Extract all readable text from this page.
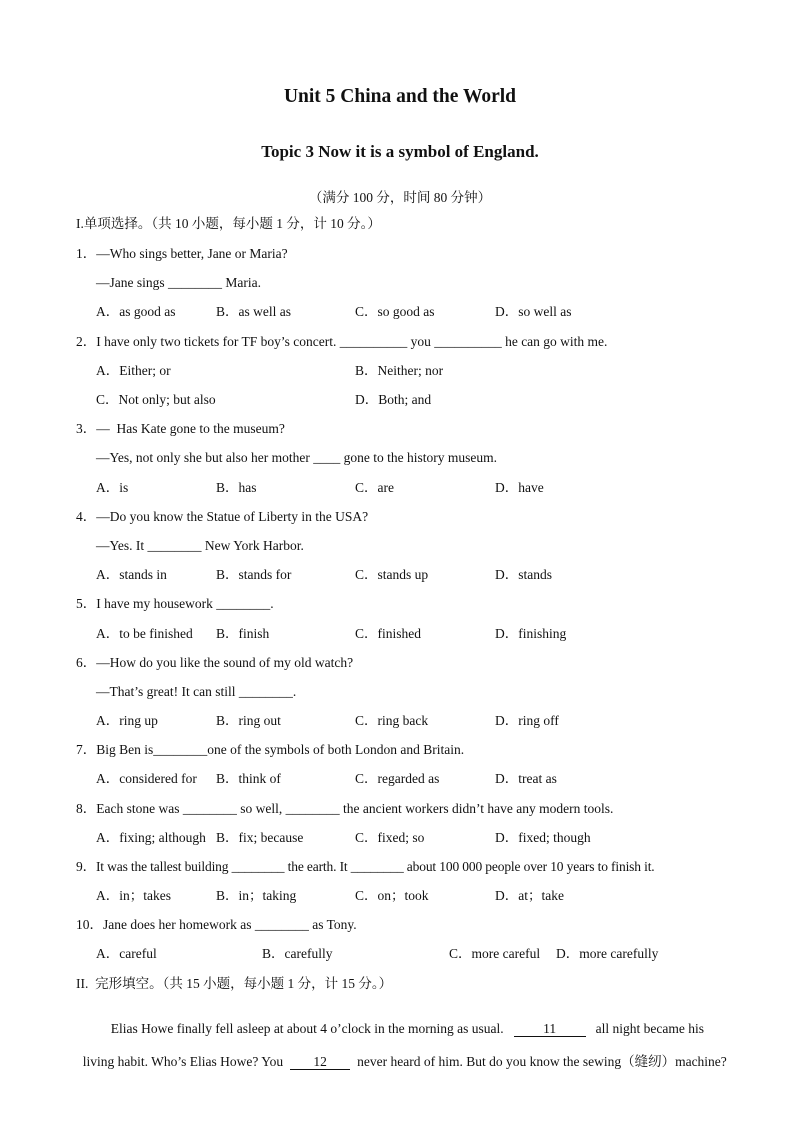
Unit 5 China and the World
Topic 3 Now it is a symbol of England.
（满分 100 分，时间 80 分钟）
I.单项选择。（共 10 小题，每小题 1 分，计 10 分。）
1．—Who sings better, Jane or Maria?
—Jane sings ________ Maria.
A．as good as	B．as well as	C．so good as	D．so well as
2．I have only two tickets for TF boy’s concert. __________ you __________ he can go with me.
A．Either; or	B．Neither; nor
C．Not only; but also	D．Both; and
3．—  Has Kate gone to the museum?
—Yes, not only she but also her mother ____ gone to the history museum.
A．is	B．has	C．are	D．have
4．—Do you know the Statue of Liberty in the USA?
—Yes. It ________ New York Harbor.
A．stands in	B．stands for	C．stands up	D．stands
5．I have my housework ________.
A．to be finished B．finish	C．finished	D．finishing
6．—How do you like the sound of my old watch?
—That’s great! It can still ________.
A．ring up	B．ring out	C．ring back	D．ring off
7．Big Ben is________one of the symbols of both London and Britain.
A．considered for B．think of	C．regarded as	D．treat as
8．Each stone was ________ so well, ________ the ancient workers didn’t have any modern tools.
A．fixing; although B．fix; because	C．fixed; so	D．fixed; though
9．It was the tallest building ________ the earth. It ________ about 100 000 people over 10 years to finish it.
A．in；takes	B．in；taking	C．on；took	D．at；take
10．Jane does her homework as ________ as Tony.
A．careful	B．carefully	C．more careful D．more carefully
II.  完形填空。（共 15 小题，每小题 1 分，计 15 分。）

Elias Howe finally fell asleep at about 4 o’clock in the morning as usual.	11	all night became his

living habit. Who’s Elias Howe? You 12 never heard of him. But do you know the sewing（缝纫）machine?
